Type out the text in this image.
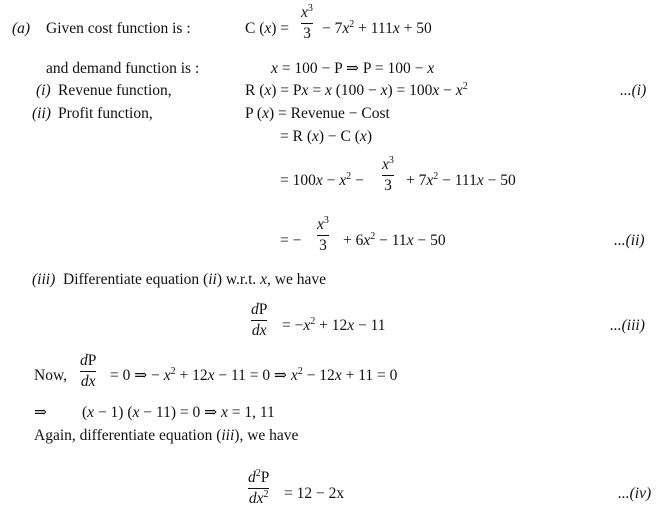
(a) Given cost function is :	C (x) =
$x^3$
$3 - 7x^2 + 111x + 50$
and demand function is :	x = 100 − P ⇒ P = 100 − x
(i) Revenue function,	R (x) = Px = x $(100 - x) = 100x - x^2$	...(i)
(ii) Profit function,	P (x) = Revenue − Cost
= R (x) − C (x)
= $100x - x^2$ −
$x^3$
$3 + 7x^2 - 111x - 50$
= −
$x^3$
$3 + 6x^2 - 11x - 50$	...(ii)
(iii)  Differentiate equation (ii) w.r.t. x, we have
dP
dx = $-x^2 + 12x - 11$	...(iii)
Now,
dP
dx = 0 ⇒ − $x^2 + 12x - 11 = 0$ ⇒ $x^2 - 12x + 11 = 0$
⇒ (x − 1) (x − 11) = 0 ⇒ x = 1, 11
Again, differentiate equation (iii), we have
$d^2P$
$dx^2 = 12 - 2x$	...(iv)
